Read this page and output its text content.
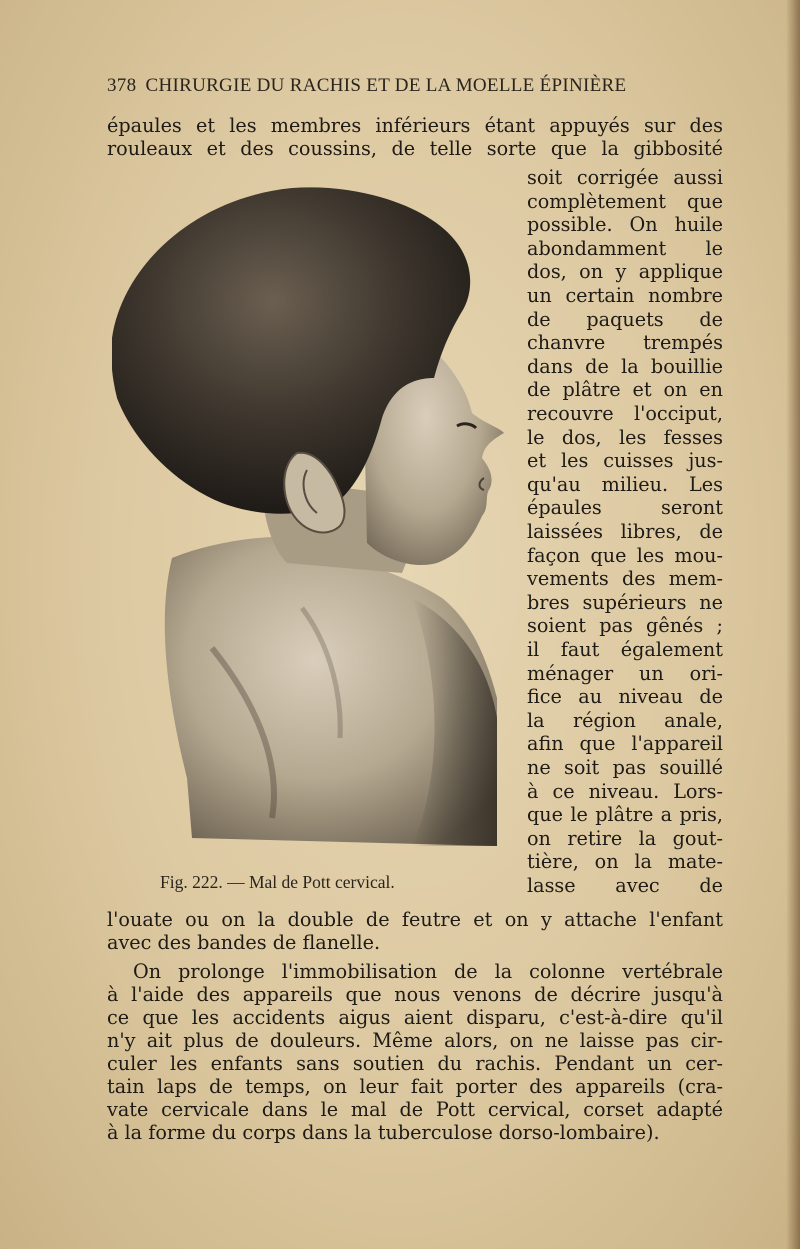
378 CHIRURGIE DU RACHIS ET DE LA MOELLE ÉPINIÈRE
épaules et les membres inférieurs étant appuyés sur des
rouleaux et des coussins, de telle sorte que la gibbosité
soit corrigée aussi
complètement que
possible. On huile
abondamment le
dos, on y applique
un certain nombre
de paquets de
chanvre trempés
dans de la bouillie
de plâtre et on en
recouvre l'occiput,
le dos, les fesses
et les cuisses jus-
qu'au milieu. Les
épaules seront
laissées libres, de
façon que les mou-
vements des mem-
bres supérieurs ne
soient pas gênés ;
il faut également
ménager un ori-
fice au niveau de
la région anale,
afin que l'appareil
ne soit pas souillé
à ce niveau. Lors-
que le plâtre a pris,
on retire la gout-
tière, on la mate-
lasse avec de
Fig. 222. — Mal de Pott cervical.
l'ouate ou on la double de feutre et on y attache l'enfant
avec des bandes de flanelle.
On prolonge l'immobilisation de la colonne vertébrale
à l'aide des appareils que nous venons de décrire jusqu'à
ce que les accidents aigus aient disparu, c'est-à-dire qu'il
n'y ait plus de douleurs. Même alors, on ne laisse pas cir-
culer les enfants sans soutien du rachis. Pendant un cer-
tain laps de temps, on leur fait porter des appareils (cra-
vate cervicale dans le mal de Pott cervical, corset adapté
à la forme du corps dans la tuberculose dorso-lombaire).
